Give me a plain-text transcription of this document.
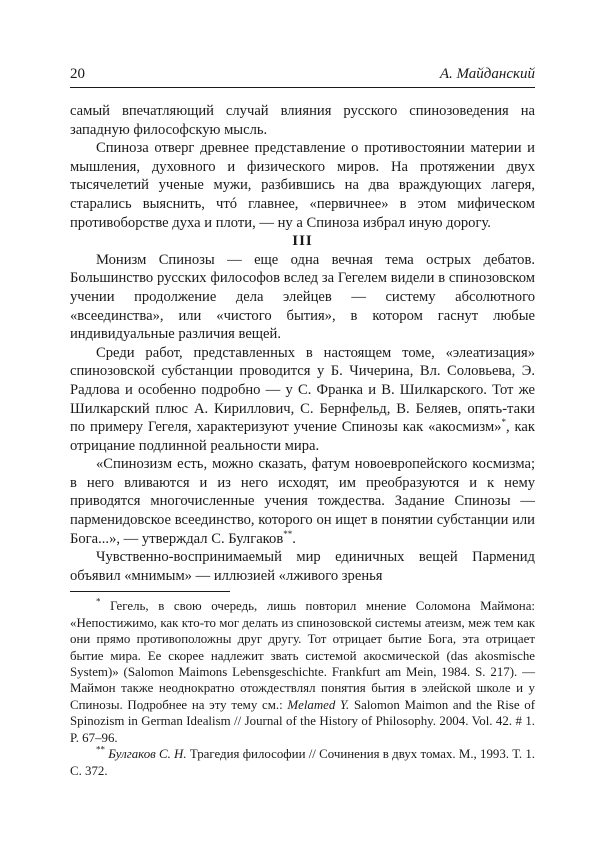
20	А. Майданский

самый впечатляющий случай влияния русского спинозоведения на западную философскую мысль.

Спиноза отверг древнее представление о противостоянии материи и мышления, духовного и физического миров. На протяжении двух тысячелетий ученые мужи, разбившись на два враждующих лагеря, старались выяснить, чтó главнее, «первичнее» в этом мифическом противоборстве духа и плоти, — ну а Спиноза избрал иную дорогу.

III

Монизм Спинозы — еще одна вечная тема острых дебатов. Большинство русских философов вслед за Гегелем видели в спинозовском учении продолжение дела элейцев — систему абсолютного «всеединства», или «чистого бытия», в котором гаснут любые индивидуальные различия вещей.

Среди работ, представленных в настоящем томе, «элеатизация» спинозовской субстанции проводится у Б. Чичерина, Вл. Соловьева, Э. Радлова и особенно подробно — у С. Франка и В. Шилкарского. Тот же Шилкарский плюс А. Кириллович, С. Бернфельд, В. Беляев, опять-таки по примеру Гегеля, характеризуют учение Спинозы как «акосмизм»*, как отрицание подлинной реальности мира.

«Спинозизм есть, можно сказать, фатум новоевропейского космизма; в него вливаются и из него исходят, им преобразуются и к нему приводятся многочисленные учения тождества. Задание Спинозы — парменидовское всеединство, которого он ищет в понятии субстанции или Бога...», — утверждал С. Булгаков**.

Чувственно-воспринимаемый мир единичных вещей Парменид объявил «мнимым» — иллюзией «лживого зренья

* Гегель, в свою очередь, лишь повторил мнение Соломона Маймона: «Непостижимо, как кто-то мог делать из спинозовской системы атеизм, меж тем как они прямо противоположны друг другу. Тот отрицает бытие Бога, эта отрицает бытие мира. Ее скорее надлежит звать системой акосмической (das akosmische System)» (Salomon Maimons Lebensgeschichte. Frankfurt am Mein, 1984. S. 217). — Маймон также неоднократно отождествлял понятия бытия в элейской школе и у Спинозы. Подробнее на эту тему см.: Melamed Y. Salomon Maimon and the Rise of Spinozism in German Idealism // Journal of the History of Philosophy. 2004. Vol. 42. # 1. P. 67–96.

** Булгаков С. Н. Трагедия философии // Сочинения в двух томах. М., 1993. Т. 1. С. 372.
